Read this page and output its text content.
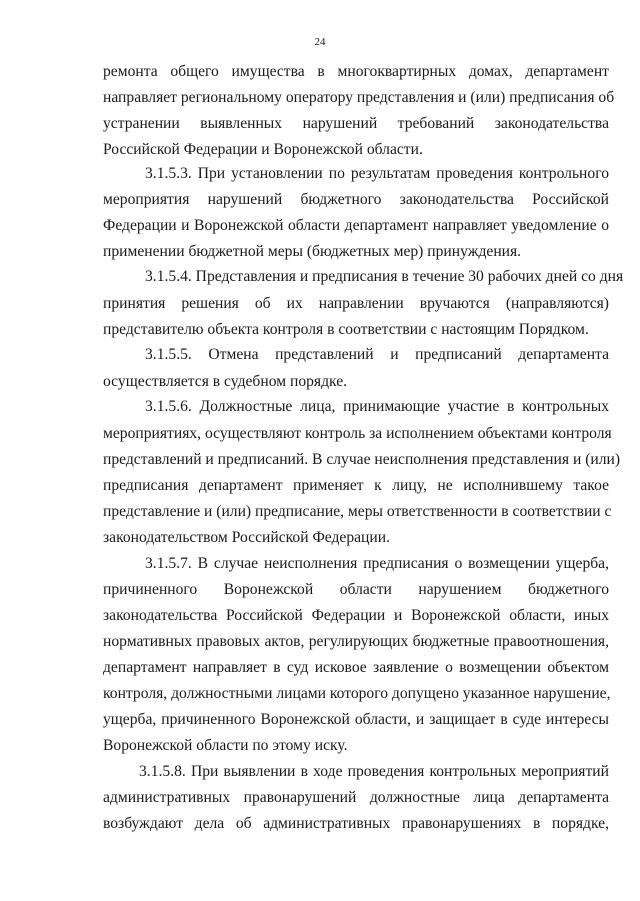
24
ремонта общего имущества в многоквартирных домах, департамент
направляет региональному оператору представления и (или) предписания об
устранении выявленных нарушений требований законодательства
Российской Федерации и Воронежской области.
3.1.5.3. При установлении по результатам проведения контрольного
мероприятия нарушений бюджетного законодательства Российской
Федерации и Воронежской области департамент направляет уведомление о
применении бюджетной меры (бюджетных мер) принуждения.
3.1.5.4. Представления и предписания в течение 30 рабочих дней со дня
принятия решения об их направлении вручаются (направляются)
представителю объекта контроля в соответствии с настоящим Порядком.
3.1.5.5. Отмена представлений и предписаний департамента
осуществляется в судебном порядке.
3.1.5.6. Должностные лица, принимающие участие в контрольных
мероприятиях, осуществляют контроль за исполнением объектами контроля
представлений и предписаний. В случае неисполнения представления и (или)
предписания департамент применяет к лицу, не исполнившему такое
представление и (или) предписание, меры ответственности в соответствии с
законодательством Российской Федерации.
3.1.5.7. В случае неисполнения предписания о возмещении ущерба,
причиненного Воронежской области нарушением бюджетного
законодательства Российской Федерации и Воронежской области, иных
нормативных правовых актов, регулирующих бюджетные правоотношения,
департамент направляет в суд исковое заявление о возмещении объектом
контроля, должностными лицами которого допущено указанное нарушение,
ущерба, причиненного Воронежской области, и защищает в суде интересы
Воронежской области по этому иску.
3.1.5.8. При выявлении в ходе проведения контрольных мероприятий
административных правонарушений должностные лица департамента
возбуждают дела об административных правонарушениях в порядке,
